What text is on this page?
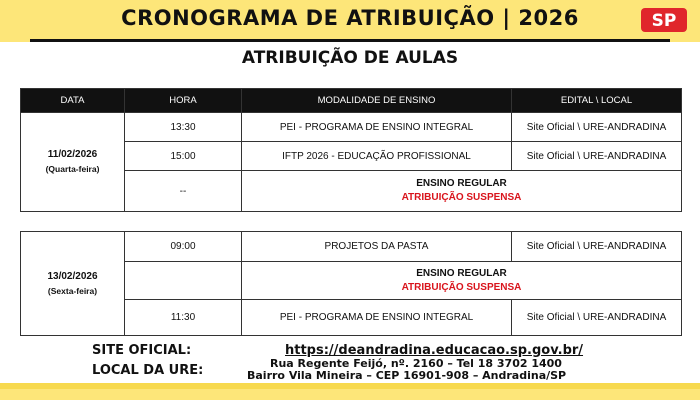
CRONOGRAMA DE ATRIBUIÇÃO | 2026	SP
ATRIBUIÇÃO DE AULAS
DATA	HORA	MODALIDADE DE ENSINO	EDITAL \ LOCAL
11/02/2026
(Quarta-feira)	13:30	PEI - PROGRAMA DE ENSINO INTEGRAL	Site Oficial \ URE-ANDRADINA
	15:00	IFTP 2026 - EDUCAÇÃO PROFISSIONAL	Site Oficial \ URE-ANDRADINA
	--	ENSINO REGULAR
ATRIBUIÇÃO SUSPENSA	
13/02/2026
(Sexta-feira)	09:00	PROJETOS DA PASTA	Site Oficial \ URE-ANDRADINA
		ENSINO REGULAR
ATRIBUIÇÃO SUSPENSA	

	11:30	PEI - PROGRAMA DE ENSINO INTEGRAL	Site Oficial \ URE-ANDRADINA
SITE OFICIAL:	https://deandradina.educacao.sp.gov.br/
LOCAL DA URE:	Rua Regente Feijó, nº. 2160 – Tel 18 3702 1400
Bairro Vila Mineira – CEP 16901-908 – Andradina/SP
